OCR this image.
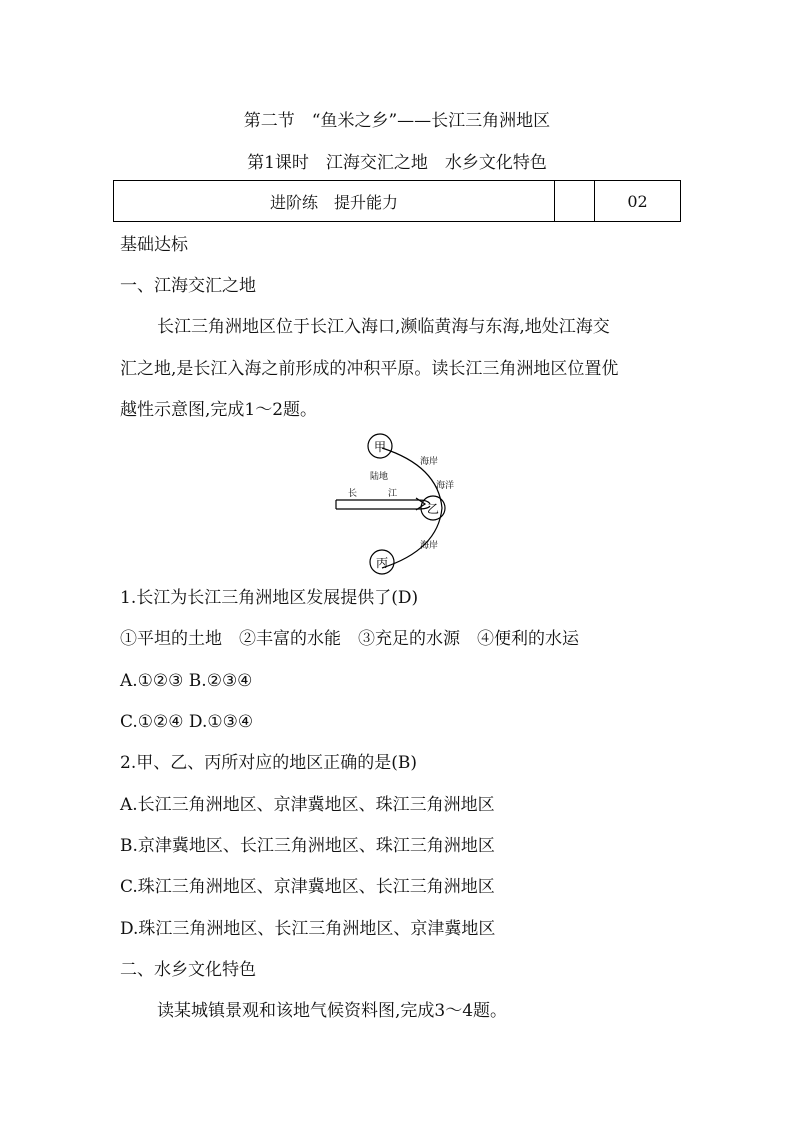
第二节　“鱼米之乡”——长江三角洲地区
第1课时　江海交汇之地　水乡文化特色
进阶练　提升能力		02
基础达标
一、江海交汇之地
长江三角洲地区位于长江入海口,濒临黄海与东海,地处江海交
汇之地,是长江入海之前形成的冲积平原。读长江三角洲地区位置优
越性示意图,完成1～2题。
甲
乙
丙
陆地
海岸
海洋
海岸
长	江
1.长江为长江三角洲地区发展提供了(D)
①平坦的土地　②丰富的水能　③充足的水源　④便利的水运
A.①②③ B.②③④
C.①②④ D.①③④
2.甲、乙、丙所对应的地区正确的是(B)
A.长江三角洲地区、京津冀地区、珠江三角洲地区
B.京津冀地区、长江三角洲地区、珠江三角洲地区
C.珠江三角洲地区、京津冀地区、长江三角洲地区
D.珠江三角洲地区、长江三角洲地区、京津冀地区
二、水乡文化特色
读某城镇景观和该地气候资料图,完成3～4题。
